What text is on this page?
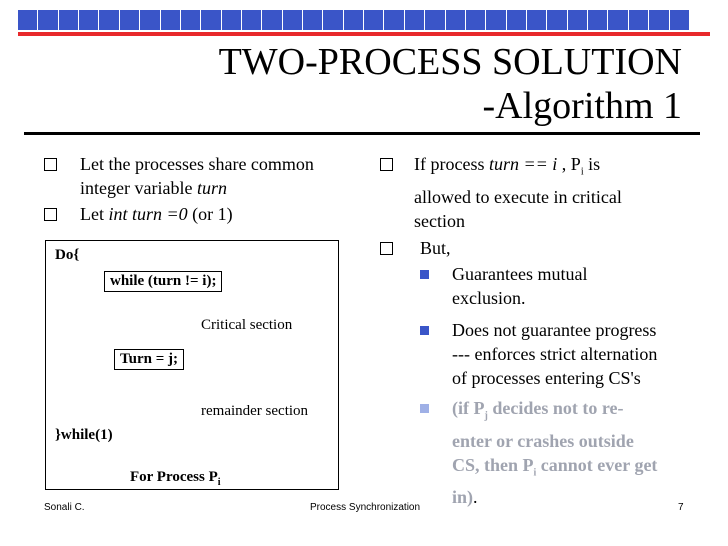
TWO-PROCESS SOLUTION
-Algorithm 1
Let the processes share common
integer variable turn
Let int turn =0 (or 1)
Do{
while (turn != i);
Critical section
Turn = j;
remainder section
}while(1)
For Process $P_i$
If process turn == i , $P_i$ is
allowed to execute in critical
section
But,
Guarantees mutual
exclusion.
Does not guarantee progress
--- enforces strict alternation
of processes entering CS's
(if $P_j$ decides not to re-
enter or crashes outside
CS, then $P_i$ cannot ever get
in).
Sonali C.	Process Synchronization	7
